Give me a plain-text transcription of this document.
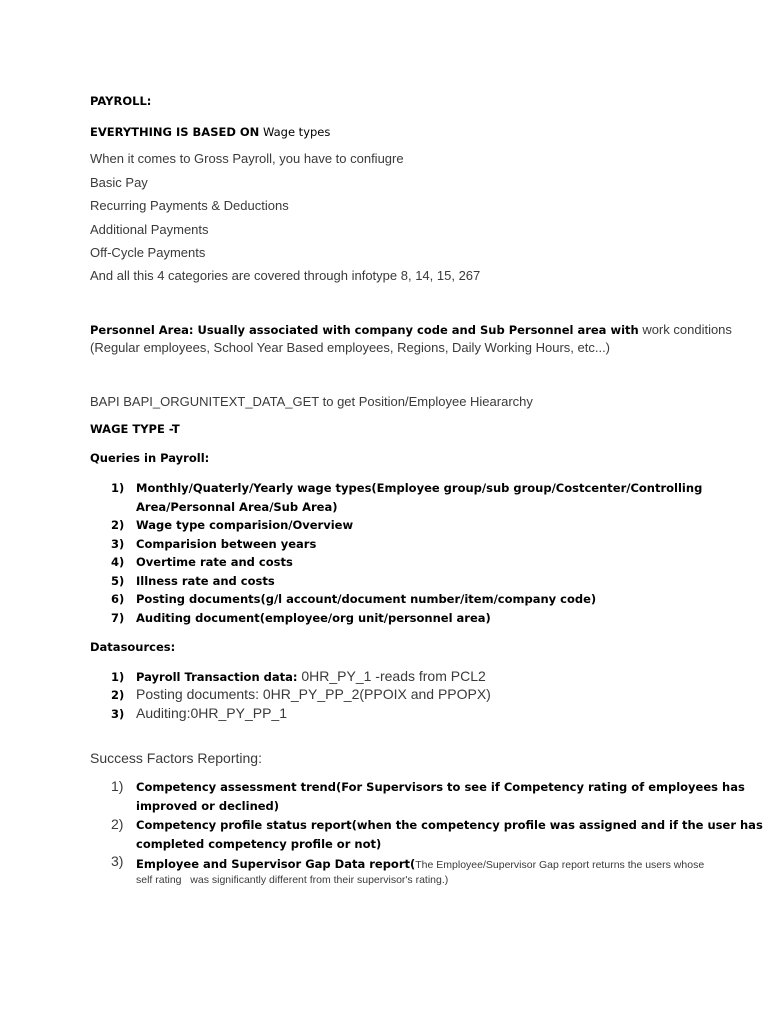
PAYROLL:
EVERYTHING IS BASED ON Wage types
When it comes to Gross Payroll, you have to confiugre
Basic Pay
Recurring Payments & Deductions
Additional Payments
Off-Cycle Payments
And all this 4 categories are covered through infotype 8, 14, 15, 267
Personnel Area: Usually associated with company code and Sub Personnel area with work conditions
(Regular employees, School Year Based employees, Regions, Daily Working Hours, etc...)
BAPI BAPI_ORGUNITEXT_DATA_GET to get Position/Employee Hieararchy
WAGE TYPE -T
Queries in Payroll:
1) Monthly/Quaterly/Yearly wage types(Employee group/sub group/Costcenter/Controlling
Area/Personnal Area/Sub Area)
2) Wage type comparision/Overview
3) Comparision between years
4) Overtime rate and costs
5) Illness rate and costs
6) Posting documents(g/l account/document number/item/company code)
7) Auditing document(employee/org unit/personnel area)
Datasources:
1) Payroll Transaction data: 0HR_PY_1 -reads from PCL2
2) Posting documents: 0HR_PY_PP_2(PPOIX and PPOPX)
3) Auditing:0HR_PY_PP_1
Success Factors Reporting:
1) Competency assessment trend(For Supervisors to see if Competency rating of employees has
improved or declined)
2) Competency profile status report(when the competency profile was assigned and if the user has
completed competency profile or not)
3) Employee and Supervisor Gap Data report(The Employee/Supervisor Gap report returns the users whose
self rating   was significantly different from their supervisor's rating.)
